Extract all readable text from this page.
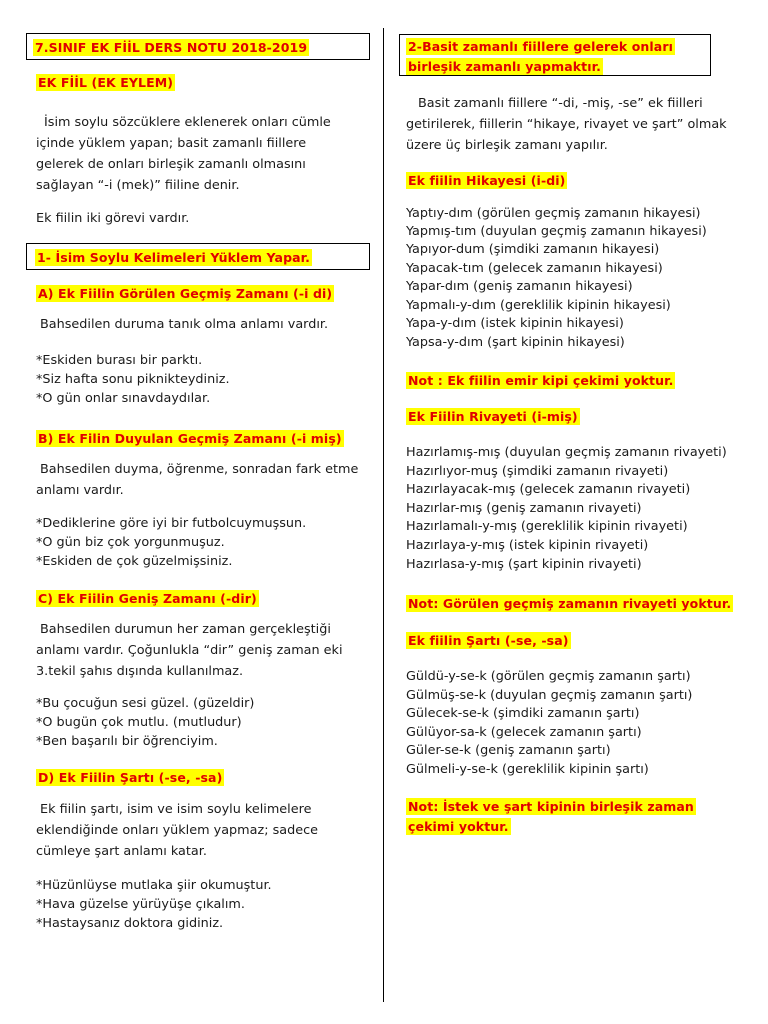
7.SINIF EK FİİL DERS NOTU 2018-2019
EK FİİL (EK EYLEM)
İsim soylu sözcüklere eklenerek onları cümle içinde yüklem yapan; basit zamanlı fiillere gelerek de onları birleşik zamanlı olmasını sağlayan “-i (mek)” fiiline denir.
Ek fiilin iki görevi vardır.
1- İsim Soylu Kelimeleri Yüklem Yapar.
A) Ek Fiilin Görülen Geçmiş Zamanı (-i di)
Bahsedilen duruma tanık olma anlamı vardır.
*Eskiden burası bir parktı.
*Siz hafta sonu piknikteydiniz.
*O gün onlar sınavdaydılar.
B) Ek Filin Duyulan Geçmiş Zamanı (-i miş)
Bahsedilen duyma, öğrenme, sonradan fark etme anlamı vardır.
*Dediklerine göre iyi bir futbolcuymuşsun.
*O gün biz çok yorgunmuşuz.
*Eskiden de çok güzelmişsiniz.
C) Ek Fiilin Geniş Zamanı (-dir)
Bahsedilen durumun her zaman gerçekleştiği anlamı vardır. Çoğunlukla “dir” geniş zaman eki 3.tekil şahıs dışında kullanılmaz.
*Bu çocuğun sesi güzel. (güzeldir)
*O bugün çok mutlu. (mutludur)
*Ben başarılı bir öğrenciyim.
D) Ek Fiilin Şartı (-se, -sa)
Ek fiilin şartı, isim ve isim soylu kelimelere eklendiğinde onları yüklem yapmaz; sadece cümleye şart anlamı katar.
*Hüzünlüyse mutlaka şiir okumuştur.
*Hava güzelse yürüyüşe çıkalım.
*Hastaysanız doktora gidiniz.
2-Basit zamanlı fiillere gelerek onları birleşik zamanlı yapmaktır.
Basit zamanlı fiillere “-di, -miş, -se” ek fiilleri getirilerek, fiillerin “hikaye, rivayet ve şart” olmak üzere üç birleşik zamanı yapılır.
Ek fiilin Hikayesi (i-di)
Yaptıy-dım (görülen geçmiş zamanın hikayesi)
Yapmış-tım (duyulan geçmiş zamanın hikayesi)
Yapıyor-dum (şimdiki zamanın hikayesi)
Yapacak-tım (gelecek zamanın hikayesi)
Yapar-dım (geniş zamanın hikayesi)
Yapmalı-y-dım (gereklilik kipinin hikayesi)
Yapa-y-dım (istek kipinin hikayesi)
Yapsa-y-dım (şart kipinin hikayesi)
Not : Ek fiilin emir kipi çekimi yoktur.
Ek Fiilin Rivayeti (i-miş)
Hazırlamış-mış (duyulan geçmiş zamanın rivayeti)
Hazırlıyor-muş (şimdiki zamanın rivayeti)
Hazırlayacak-mış (gelecek zamanın rivayeti)
Hazırlar-mış (geniş zamanın rivayeti)
Hazırlamalı-y-mış (gereklilik kipinin rivayeti)
Hazırlaya-y-mış (istek kipinin rivayeti)
Hazırlasa-y-mış (şart kipinin rivayeti)
Not: Görülen geçmiş zamanın rivayeti yoktur.
Ek fiilin Şartı (-se, -sa)
Güldü-y-se-k (görülen geçmiş zamanın şartı)
Gülmüş-se-k (duyulan geçmiş zamanın şartı)
Gülecek-se-k (şimdiki zamanın şartı)
Gülüyor-sa-k (gelecek zamanın şartı)
Güler-se-k (geniş zamanın şartı)
Gülmeli-y-se-k (gereklilik kipinin şartı)
Not: İstek ve şart kipinin birleşik zaman çekimi yoktur.
